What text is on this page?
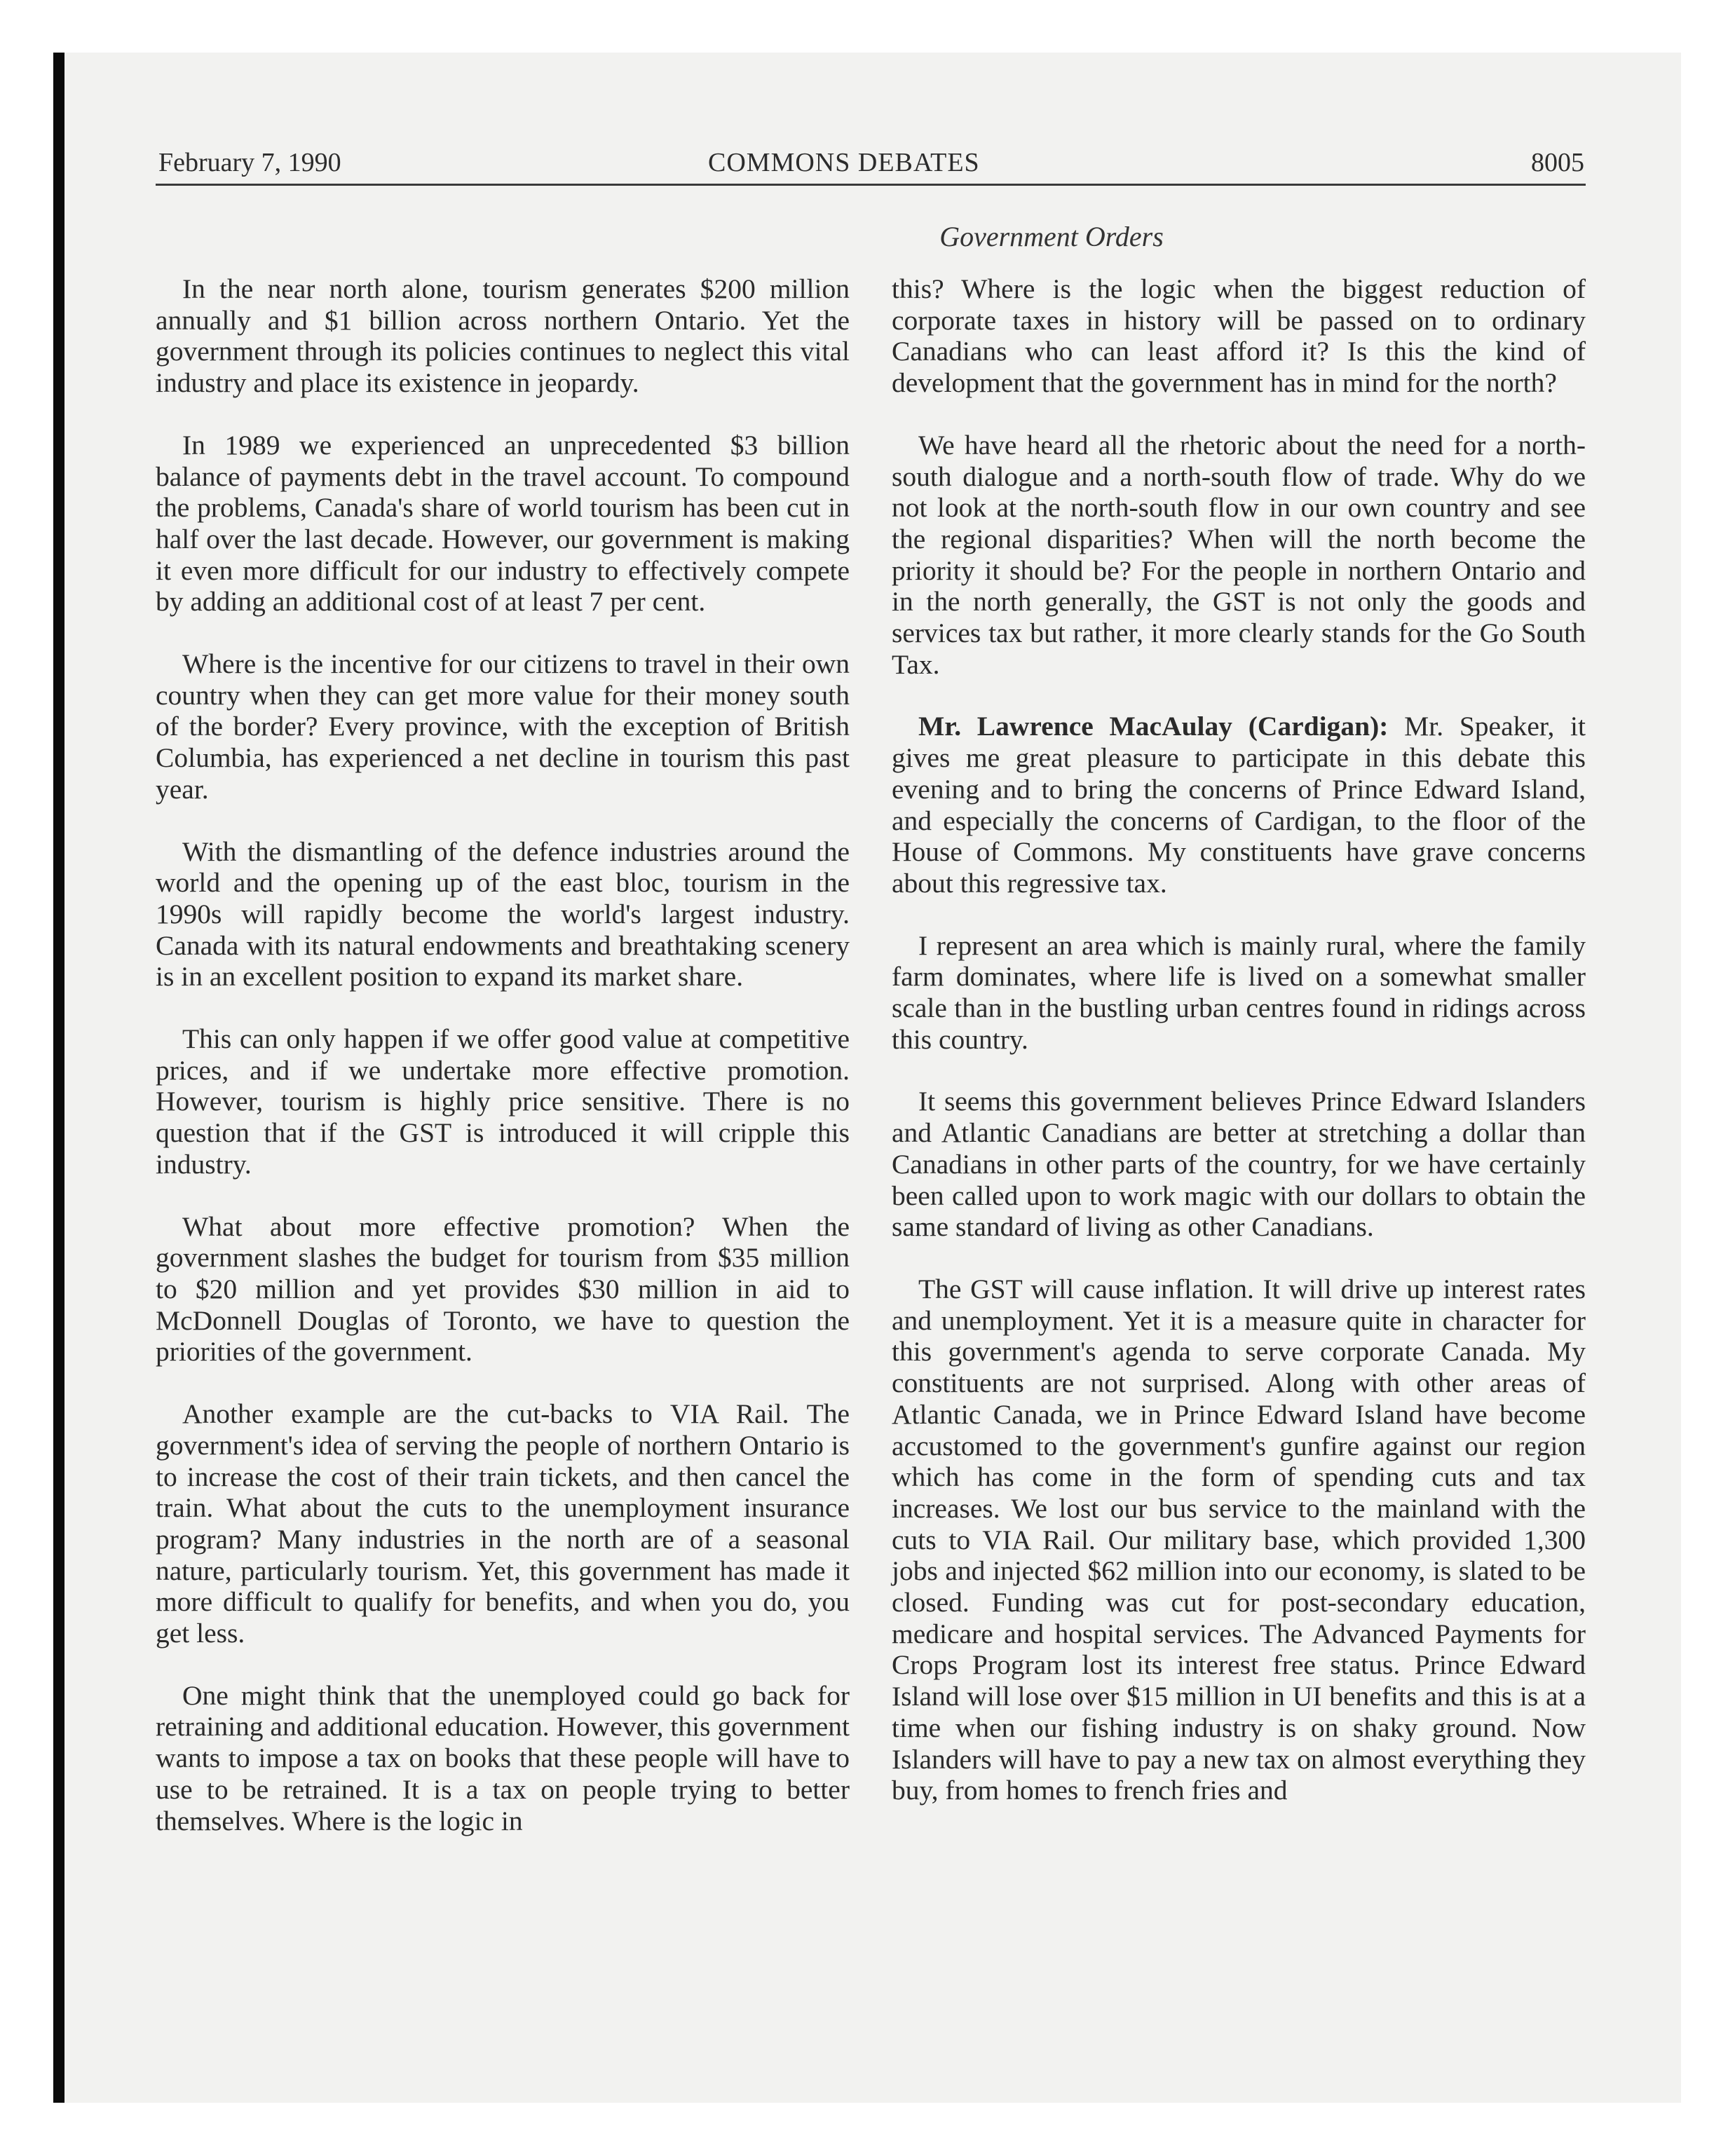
February 7, 1990	COMMONS DEBATES	8005
Government Orders

In the near north alone, tourism generates $200 million annually and $1 billion across northern Ontario. Yet the government through its policies continues to neglect this vital industry and place its existence in jeopardy.

In 1989 we experienced an unprecedented $3 billion balance of payments debt in the travel account. To compound the problems, Canada's share of world tourism has been cut in half over the last decade. However, our government is making it even more difficult for our industry to effectively compete by adding an additional cost of at least 7 per cent.

Where is the incentive for our citizens to travel in their own country when they can get more value for their money south of the border? Every province, with the exception of British Columbia, has experienced a net decline in tourism this past year.

With the dismantling of the defence industries around the world and the opening up of the east bloc, tourism in the 1990s will rapidly become the world's largest industry. Canada with its natural endowments and breathtaking scenery is in an excellent position to expand its market share.

This can only happen if we offer good value at competitive prices, and if we undertake more effective promotion. However, tourism is highly price sensitive. There is no question that if the GST is introduced it will cripple this industry.

What about more effective promotion? When the government slashes the budget for tourism from $35 million to $20 million and yet provides $30 million in aid to McDonnell Douglas of Toronto, we have to question the priorities of the government.

Another example are the cut-backs to VIA Rail. The government's idea of serving the people of northern Ontario is to increase the cost of their train tickets, and then cancel the train. What about the cuts to the unemployment insurance program? Many industries in the north are of a seasonal nature, particularly tourism. Yet, this government has made it more difficult to qualify for benefits, and when you do, you get less.

One might think that the unemployed could go back for retraining and additional education. However, this government wants to impose a tax on books that these people will have to use to be retrained. It is a tax on people trying to better themselves. Where is the logic in

this? Where is the logic when the biggest reduction of corporate taxes in history will be passed on to ordinary Canadians who can least afford it? Is this the kind of development that the government has in mind for the north?

We have heard all the rhetoric about the need for a north-south dialogue and a north-south flow of trade. Why do we not look at the north-south flow in our own country and see the regional disparities? When will the north become the priority it should be? For the people in northern Ontario and in the north generally, the GST is not only the goods and services tax but rather, it more clearly stands for the Go South Tax.

Mr. Lawrence MacAulay (Cardigan): Mr. Speaker, it gives me great pleasure to participate in this debate this evening and to bring the concerns of Prince Edward Island, and especially the concerns of Cardigan, to the floor of the House of Commons. My constituents have grave concerns about this regressive tax.

I represent an area which is mainly rural, where the family farm dominates, where life is lived on a somewhat smaller scale than in the bustling urban centres found in ridings across this country.

It seems this government believes Prince Edward Islanders and Atlantic Canadians are better at stretching a dollar than Canadians in other parts of the country, for we have certainly been called upon to work magic with our dollars to obtain the same standard of living as other Canadians.

The GST will cause inflation. It will drive up interest rates and unemployment. Yet it is a measure quite in character for this government's agenda to serve corporate Canada. My constituents are not surprised. Along with other areas of Atlantic Canada, we in Prince Edward Island have become accustomed to the government's gunfire against our region which has come in the form of spending cuts and tax increases. We lost our bus service to the mainland with the cuts to VIA Rail. Our military base, which provided 1,300 jobs and injected $62 million into our economy, is slated to be closed. Funding was cut for post-secondary education, medicare and hospital services. The Advanced Payments for Crops Program lost its interest free status. Prince Edward Island will lose over $15 million in UI benefits and this is at a time when our fishing industry is on shaky ground. Now Islanders will have to pay a new tax on almost everything they buy, from homes to french fries and
